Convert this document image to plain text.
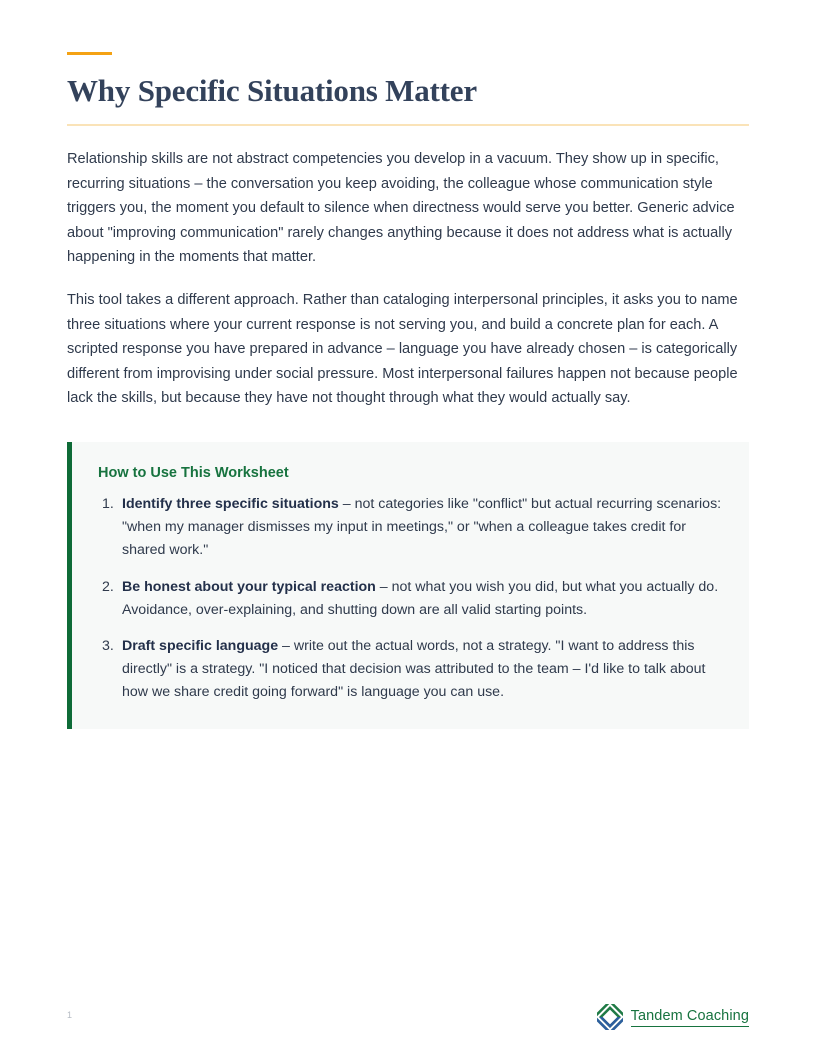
Why Specific Situations Matter

Relationship skills are not abstract competencies you develop in a vacuum. They show up in specific, recurring situations – the conversation you keep avoiding, the colleague whose communication style triggers you, the moment you default to silence when directness would serve you better. Generic advice about "improving communication" rarely changes anything because it does not address what is actually happening in the moments that matter.

This tool takes a different approach. Rather than cataloging interpersonal principles, it asks you to name three situations where your current response is not serving you, and build a concrete plan for each. A scripted response you have prepared in advance – language you have already chosen – is categorically different from improvising under social pressure. Most interpersonal failures happen not because people lack the skills, but because they have not thought through what they would actually say.

How to Use This Worksheet
Identify three specific situations – not categories like "conflict" but actual recurring scenarios: "when my manager dismisses my input in meetings," or "when a colleague takes credit for shared work."
Be honest about your typical reaction – not what you wish you did, but what you actually do. Avoidance, over-explaining, and shutting down are all valid starting points.
Draft specific language – write out the actual words, not a strategy. "I want to address this directly" is a strategy. "I noticed that decision was attributed to the team – I'd like to talk about how we share credit going forward" is language you can use.
1	Tandem Coaching
